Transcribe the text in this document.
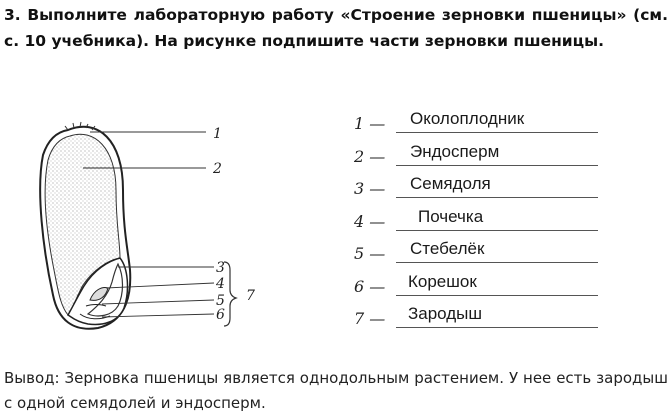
3. Выполните лабораторную работу «Строение зерновки пшеницы» (см. с. 10 учебника). На рисунке подпишите части зерновки пшеницы.
1
2
3
4
5
6
7
1 — Околоплодник
2 — Эндосперм
3 — Семядоля
4 — Почечка
5 — Стебелёк
6 — Корешок
7 — Зародыш
Вывод: Зерновка пшеницы является однодольным растением. У нее есть зародыш с одной семядолей и эндосперм.
